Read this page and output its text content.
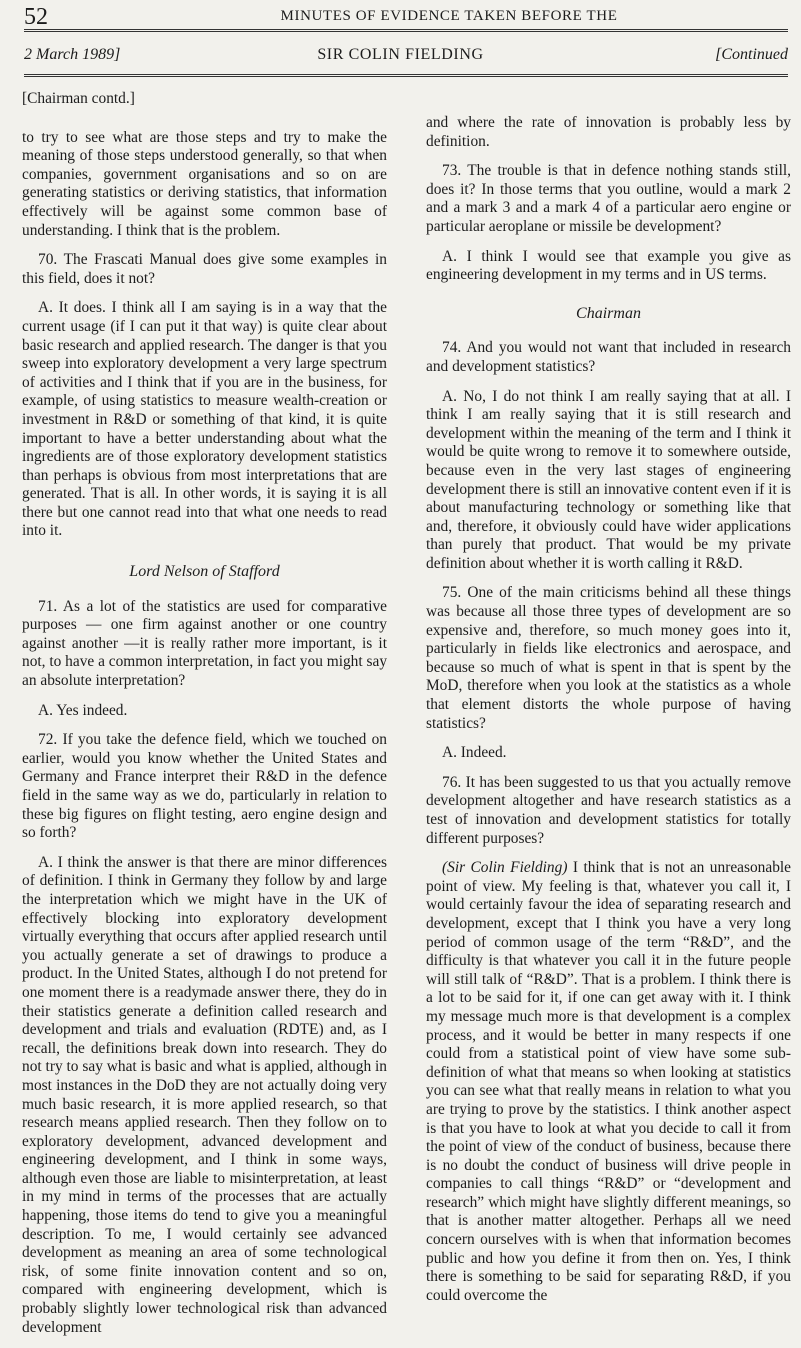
52	MINUTES OF EVIDENCE TAKEN BEFORE THE
2 March 1989]	SIR COLIN FIELDING	[Continued

[Chairman contd.]

to try to see what are those steps and try to make the meaning of those steps understood generally, so that when companies, government organisations and so on are generating statistics or deriving statistics, that information effectively will be against some common base of understanding. I think that is the problem.

70. The Frascati Manual does give some examples in this field, does it not?

A. It does. I think all I am saying is in a way that the current usage (if I can put it that way) is quite clear about basic research and applied research. The danger is that you sweep into exploratory development a very large spectrum of activities and I think that if you are in the business, for example, of using statistics to measure wealth-creation or investment in R&D or something of that kind, it is quite important to have a better understanding about what the ingredients are of those exploratory development statistics than perhaps is obvious from most interpretations that are generated. That is all. In other words, it is saying it is all there but one cannot read into that what one needs to read into it.

Lord Nelson of Stafford

71. As a lot of the statistics are used for comparative purposes — one firm against another or one country against another —it is really rather more important, is it not, to have a common interpretation, in fact you might say an absolute interpretation?

A. Yes indeed.

72. If you take the defence field, which we touched on earlier, would you know whether the United States and Germany and France interpret their R&D in the defence field in the same way as we do, particularly in relation to these big figures on flight testing, aero engine design and so forth?

A. I think the answer is that there are minor differences of definition. I think in Germany they follow by and large the interpretation which we might have in the UK of effectively blocking into exploratory development virtually everything that occurs after applied research until you actually generate a set of drawings to produce a product. In the United States, although I do not pretend for one moment there is a readymade answer there, they do in their statistics generate a definition called research and development and trials and evaluation (RDTE) and, as I recall, the definitions break down into research. They do not try to say what is basic and what is applied, although in most instances in the DoD they are not actually doing very much basic research, it is more applied research, so that research means applied research. Then they follow on to exploratory development, advanced development and engineering development, and I think in some ways, although even those are liable to misinterpretation, at least in my mind in terms of the processes that are actually happening, those items do tend to give you a meaningful description. To me, I would certainly see advanced development as meaning an area of some technological risk, of some finite innovation content and so on, compared with engineering development, which is probably slightly lower technological risk than advanced development

and where the rate of innovation is probably less by definition.

73. The trouble is that in defence nothing stands still, does it? In those terms that you outline, would a mark 2 and a mark 3 and a mark 4 of a particular aero engine or particular aeroplane or missile be development?

A. I think I would see that example you give as engineering development in my terms and in US terms.

Chairman

74. And you would not want that included in research and development statistics?

A. No, I do not think I am really saying that at all. I think I am really saying that it is still research and development within the meaning of the term and I think it would be quite wrong to remove it to somewhere outside, because even in the very last stages of engineering development there is still an innovative content even if it is about manufacturing technology or something like that and, therefore, it obviously could have wider applications than purely that product. That would be my private definition about whether it is worth calling it R&D.

75. One of the main criticisms behind all these things was because all those three types of development are so expensive and, therefore, so much money goes into it, particularly in fields like electronics and aerospace, and because so much of what is spent in that is spent by the MoD, therefore when you look at the statistics as a whole that element distorts the whole purpose of having statistics?

A. Indeed.

76. It has been suggested to us that you actually remove development altogether and have research statistics as a test of innovation and development statistics for totally different purposes?

(Sir Colin Fielding) I think that is not an unreasonable point of view. My feeling is that, whatever you call it, I would certainly favour the idea of separating research and development, except that I think you have a very long period of common usage of the term “R&D”, and the difficulty is that whatever you call it in the future people will still talk of “R&D”. That is a problem. I think there is a lot to be said for it, if one can get away with it. I think my message much more is that development is a complex process, and it would be better in many respects if one could from a statistical point of view have some sub-definition of what that means so when looking at statistics you can see what that really means in relation to what you are trying to prove by the statistics. I think another aspect is that you have to look at what you decide to call it from the point of view of the conduct of business, because there is no doubt the conduct of business will drive people in companies to call things “R&D” or “development and research” which might have slightly different meanings, so that is another matter altogether. Perhaps all we need concern ourselves with is when that information becomes public and how you define it from then on. Yes, I think there is something to be said for separating R&D, if you could overcome the
